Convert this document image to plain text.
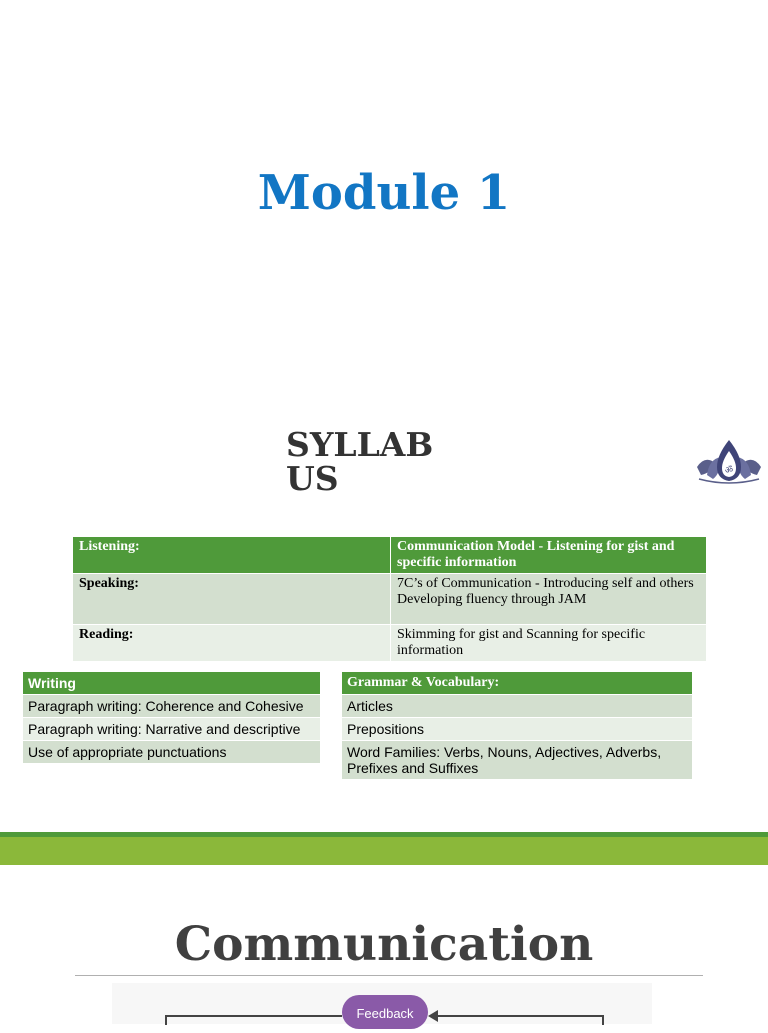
Module 1
SYLLAB US	ॐ
Listening:	Communication Model - Listening for gist and specific information
Speaking:	7C’s of Communication - Introducing self and others
Developing fluency through JAM

Reading:	Skimming for gist and Scanning for specific information
Writing
Paragraph writing: Coherence and Cohesive
Paragraph writing: Narrative and descriptive
Use of appropriate punctuations
Grammar & Vocabulary:
Articles
Prepositions
Word Families: Verbs, Nouns, Adjectives, Adverbs, Prefixes and Suffixes
Communication
Feedback
